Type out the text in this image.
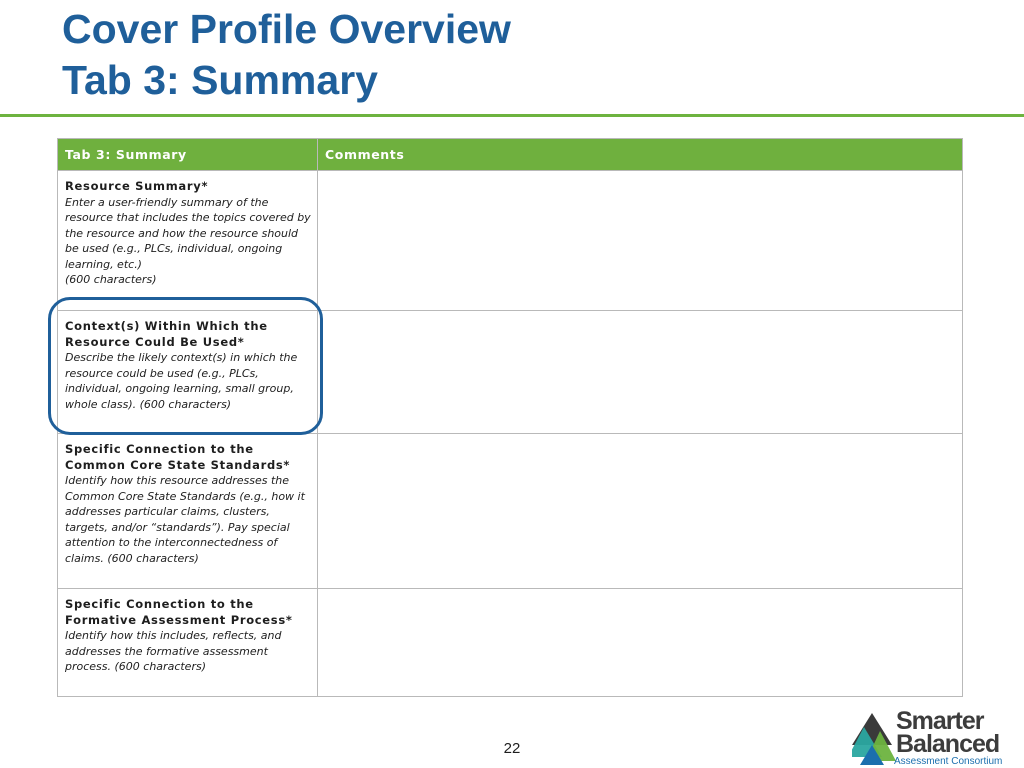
Cover Profile Overview
Tab 3: Summary
Tab 3: Summary	Comments

Resource Summary*
Enter a user-friendly summary of the resource that includes the topics covered by the resource and how the resource should be used (e.g., PLCs, individual, ongoing learning, etc.)
(600 characters)	

Context(s) Within Which the Resource Could Be Used*
Describe the likely context(s) in which the resource could be used (e.g., PLCs, individual, ongoing learning, small group, whole class). (600 characters)	

Specific Connection to the Common Core State Standards*
Identify how this resource addresses the Common Core State Standards (e.g., how it addresses particular claims, clusters, targets, and/or “standards”). Pay special attention to the interconnectedness of claims. (600 characters)	

Specific Connection to the Formative Assessment Process*
Identify how this includes, reflects, and addresses the formative assessment process. (600 characters)	

22
Smarter
Balanced
Assessment Consortium
